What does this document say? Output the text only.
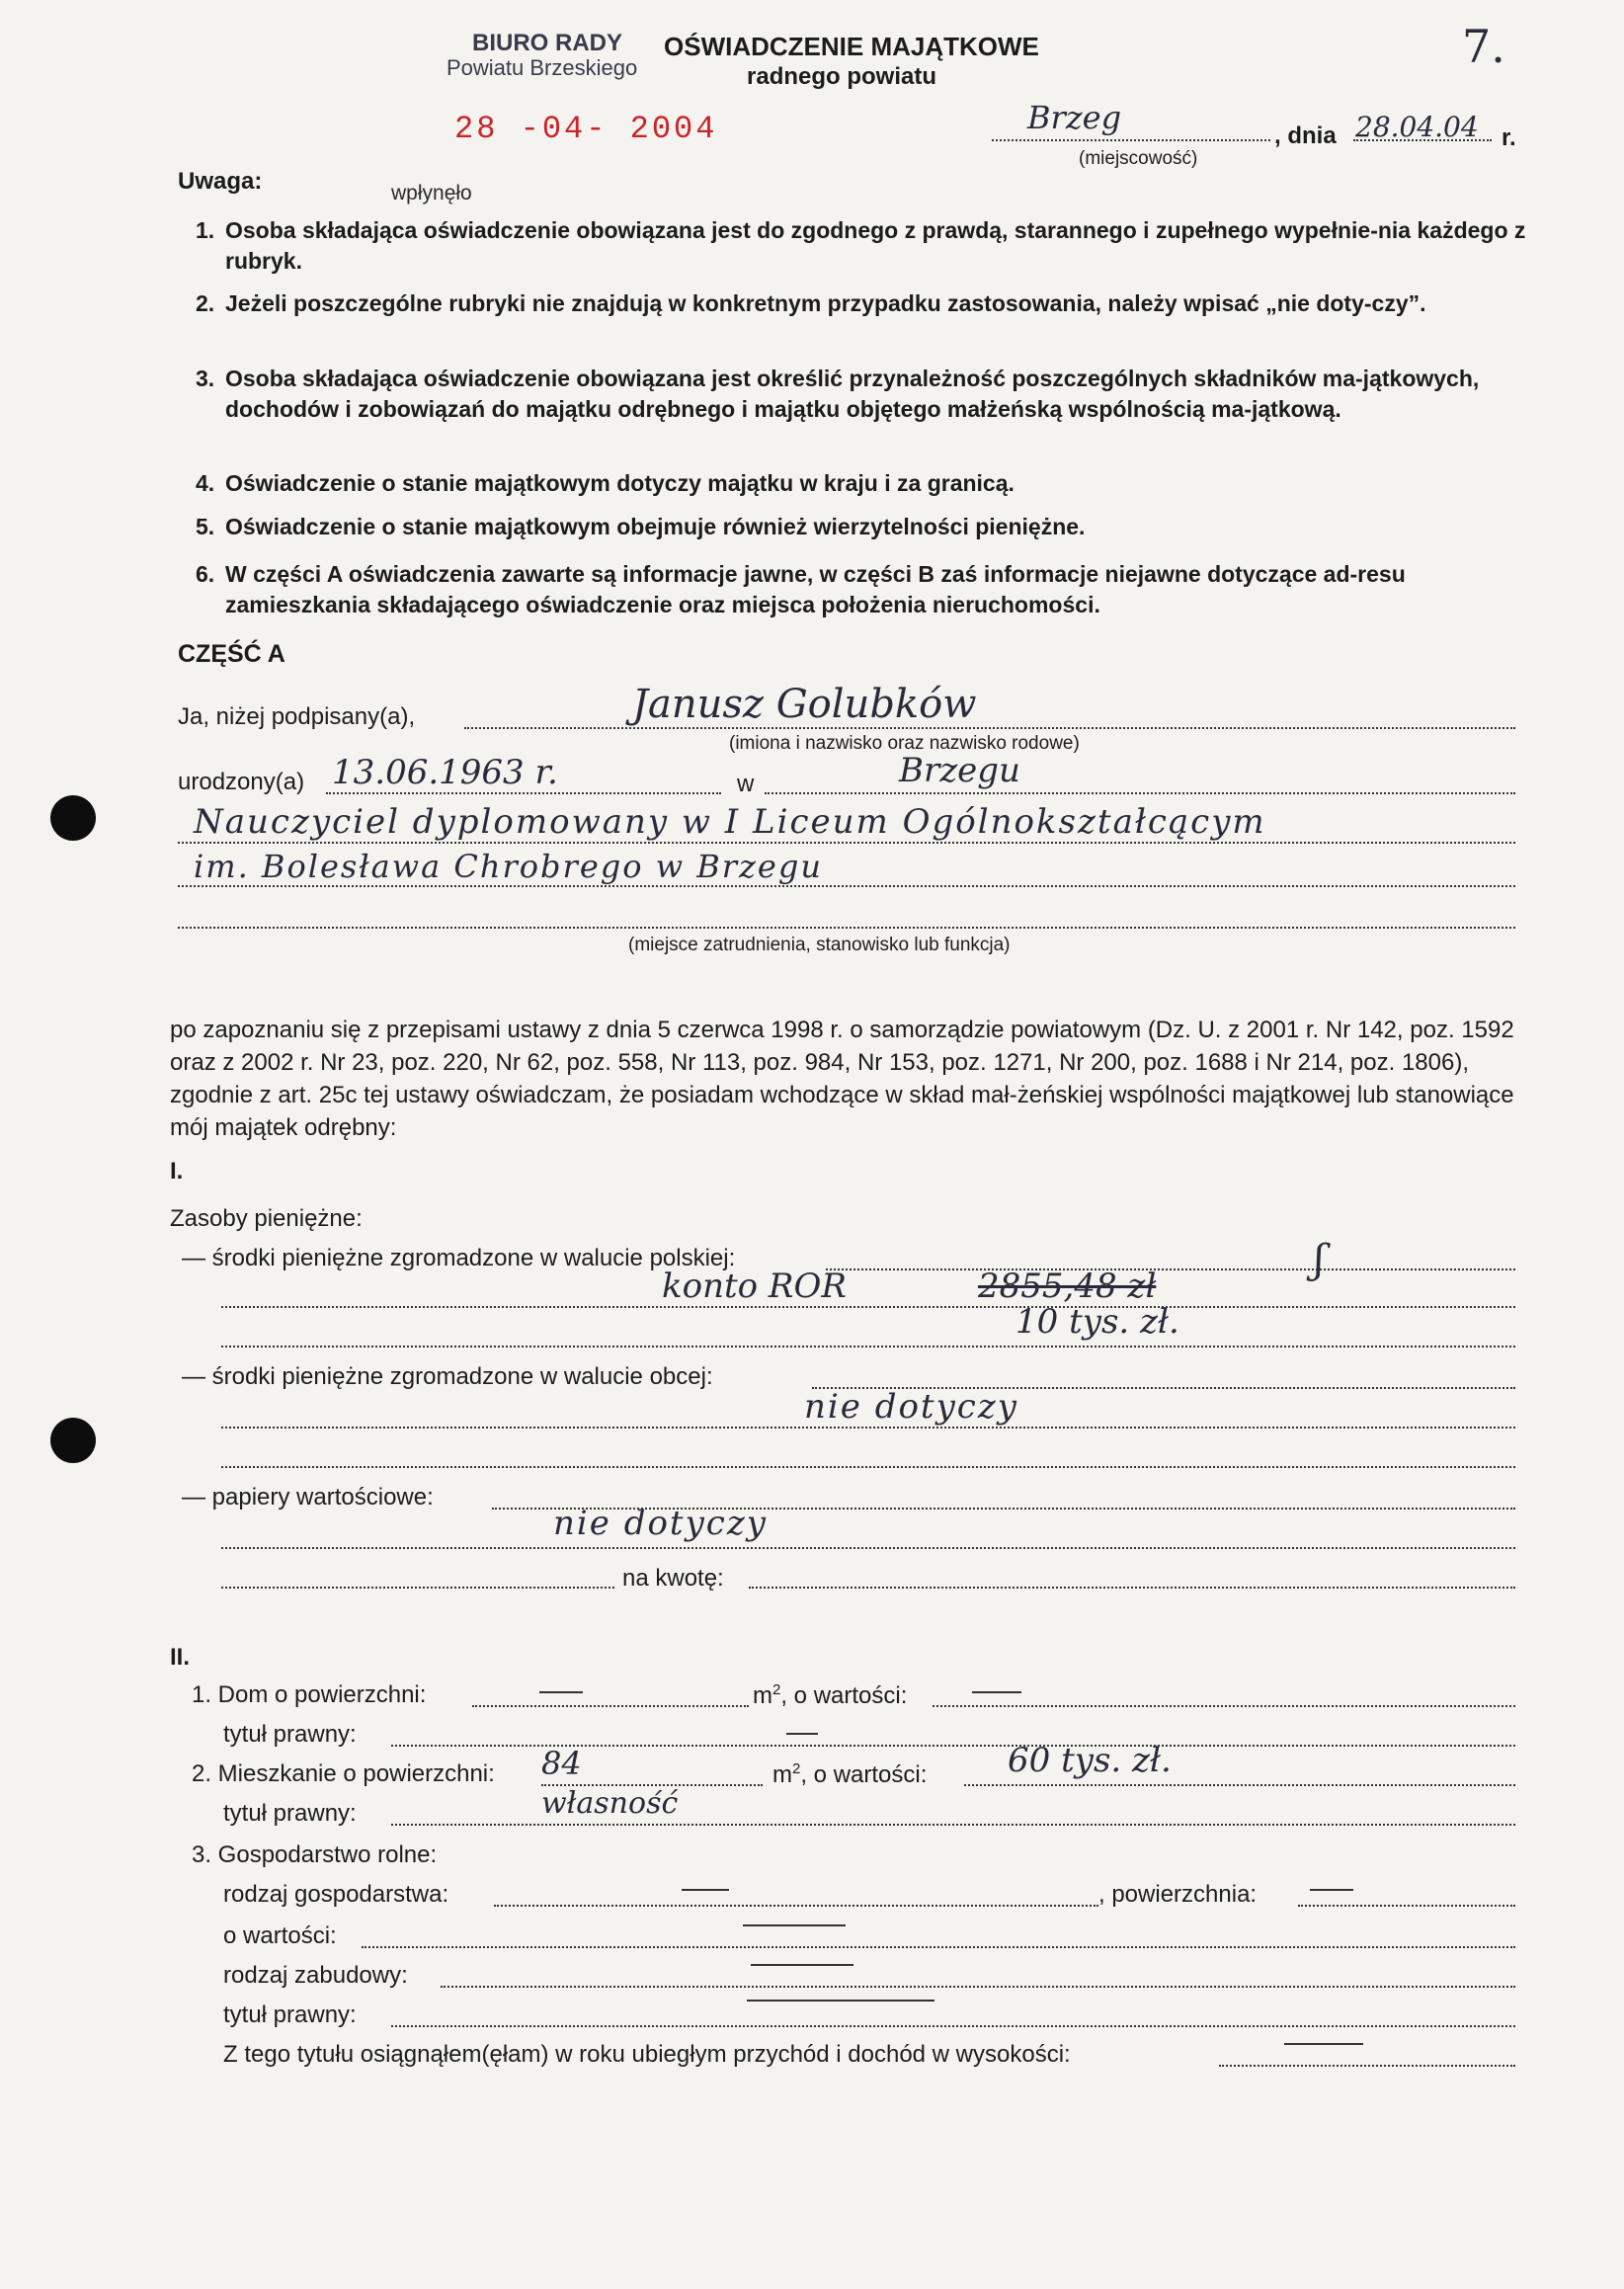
BIURO RADY
Powiatu Brzeskiego
28 -04- 2004
wpłynęło
OŚWIADCZENIE MAJĄTKOWE
radnego powiatu
7.
Brzeg
(miejscowość)
, dnia 28.04.04 r.
Uwaga:
1. Osoba składająca oświadczenie obowiązana jest do zgodnego z prawdą, starannego i zupełnego wypełnie-nia każdego z rubryk.
2. Jeżeli poszczególne rubryki nie znajdują w konkretnym przypadku zastosowania, należy wpisać „nie doty-czy”.
3. Osoba składająca oświadczenie obowiązana jest określić przynależność poszczególnych składników ma-jątkowych, dochodów i zobowiązań do majątku odrębnego i majątku objętego małżeńską wspólnością ma-jątkową.
4. Oświadczenie o stanie majątkowym dotyczy majątku w kraju i za granicą.
5. Oświadczenie o stanie majątkowym obejmuje również wierzytelności pieniężne.
6. W części A oświadczenia zawarte są informacje jawne, w części B zaś informacje niejawne dotyczące ad-resu zamieszkania składającego oświadczenie oraz miejsca położenia nieruchomości.
CZĘŚĆ A
Ja, niżej podpisany(a),	Janusz Golubków
(imiona i nazwisko oraz nazwisko rodowe)
urodzony(a) 13.06.1963 r.	w	Brzegu
Nauczyciel dyplomowany w I Liceum Ogólnokształcącym
im. Bolesława Chrobrego w Brzegu
(miejsce zatrudnienia, stanowisko lub funkcja)
po zapoznaniu się z przepisami ustawy z dnia 5 czerwca 1998 r. o samorządzie powiatowym (Dz. U. z 2001 r. Nr 142, poz. 1592 oraz z 2002 r. Nr 23, poz. 220, Nr 62, poz. 558, Nr 113, poz. 984, Nr 153, poz. 1271, Nr 200, poz. 1688 i Nr 214, poz. 1806), zgodnie z art. 25c tej ustawy oświadczam, że posiadam wchodzące w skład mał-żeńskiej wspólności majątkowej lub stanowiące mój majątek odrębny:
I.
Zasoby pieniężne:
— środki pieniężne zgromadzone w walucie polskiej:
konto ROR	2855,48 zł
ʃ
10 tys. zł.
— środki pieniężne zgromadzone w walucie obcej:
nie dotyczy
— papiery wartościowe:
nie dotyczy
na kwotę:
II.
1. Dom o powierzchni:	$m^2$, o wartości:
tytuł prawny:
2. Mieszkanie o powierzchni: 84	$m^2$, o wartości: 60 tys. zł.
tytuł prawny:	własność
3. Gospodarstwo rolne:
rodzaj gospodarstwa:	, powierzchnia:
o wartości:
rodzaj zabudowy:
tytuł prawny:
Z tego tytułu osiągnąłem(ęłam) w roku ubiegłym przychód i dochód w wysokości:
